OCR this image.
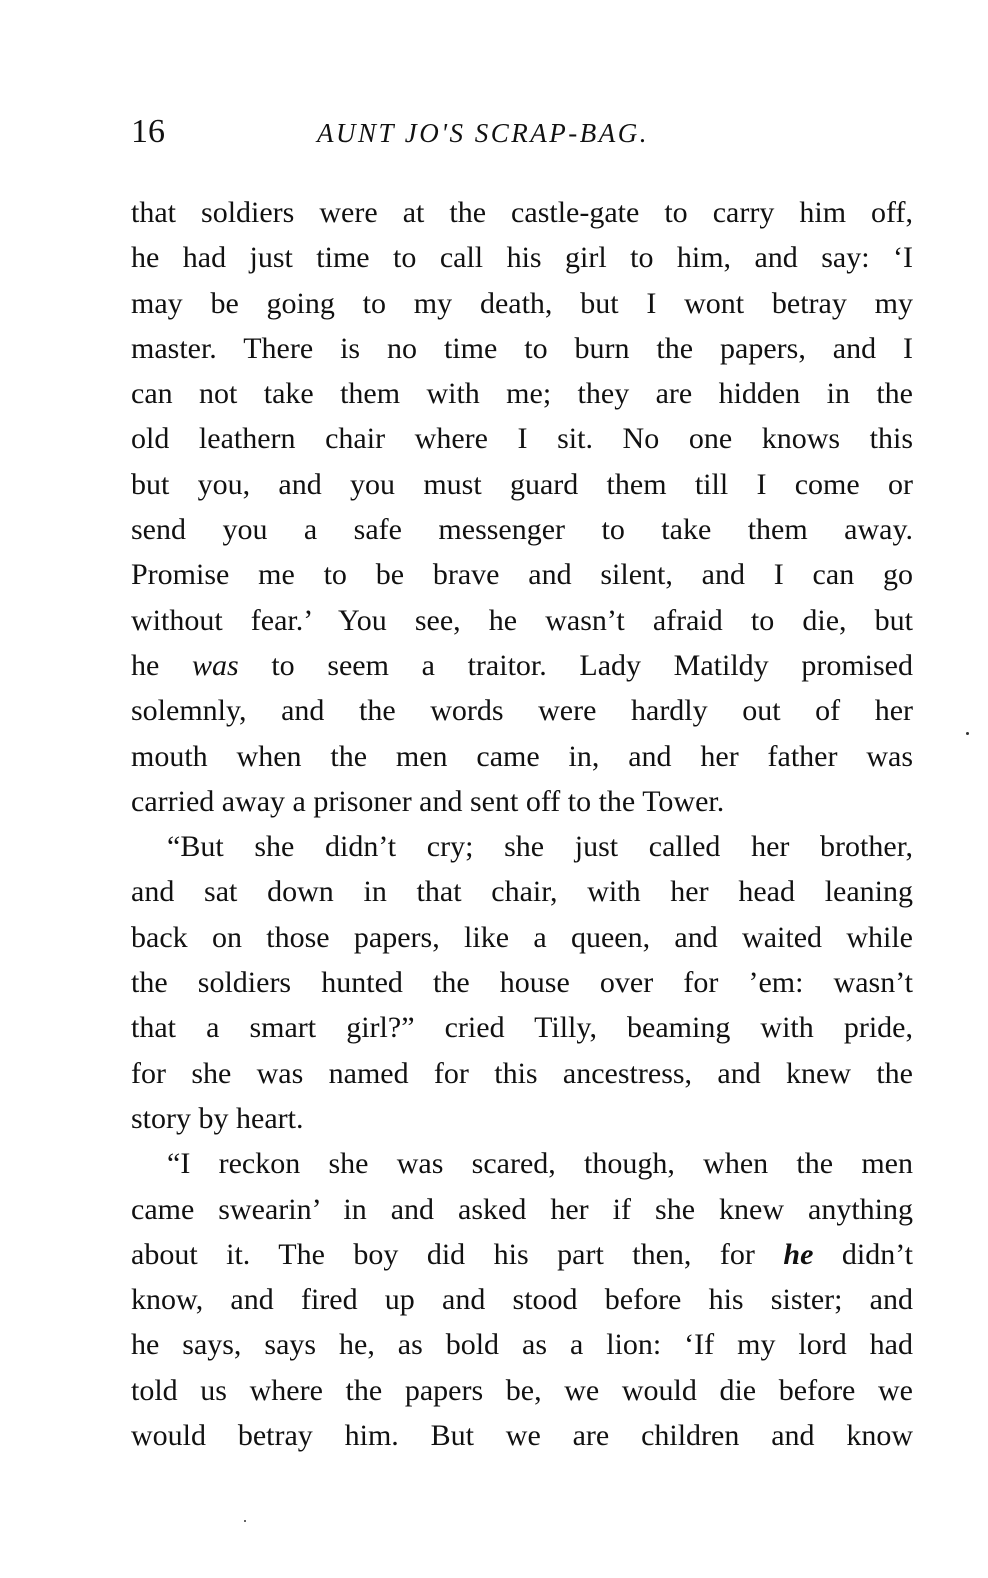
16	AUNT JO'S SCRAP-BAG.
that soldiers were at the castle-gate to carry him off,
he had just time to call his girl to him, and say: ‘I
may be going to my death, but I wont betray my
master. There is no time to burn the papers, and I
can not take them with me; they are hidden in the
old leathern chair where I sit. No one knows this
but you, and you must guard them till I come or
send you a safe messenger to take them away.
Promise me to be brave and silent, and I can go
without fear.’ You see, he wasn’t afraid to die, but
he was to seem a traitor. Lady Matildy promised
solemnly, and the words were hardly out of her
mouth when the men came in, and her father was
carried away a prisoner and sent off to the Tower.
“But she didn’t cry; she just called her brother,
and sat down in that chair, with her head leaning
back on those papers, like a queen, and waited while
the soldiers hunted the house over for ’em: wasn’t
that a smart girl?” cried Tilly, beaming with pride,
for she was named for this ancestress, and knew the
story by heart.
“I reckon she was scared, though, when the men
came swearin’ in and asked her if she knew anything
about it. The boy did his part then, for he didn’t
know, and fired up and stood before his sister; and
he says, says he, as bold as a lion: ‘If my lord had
told us where the papers be, we would die before we
would betray him. But we are children and know
